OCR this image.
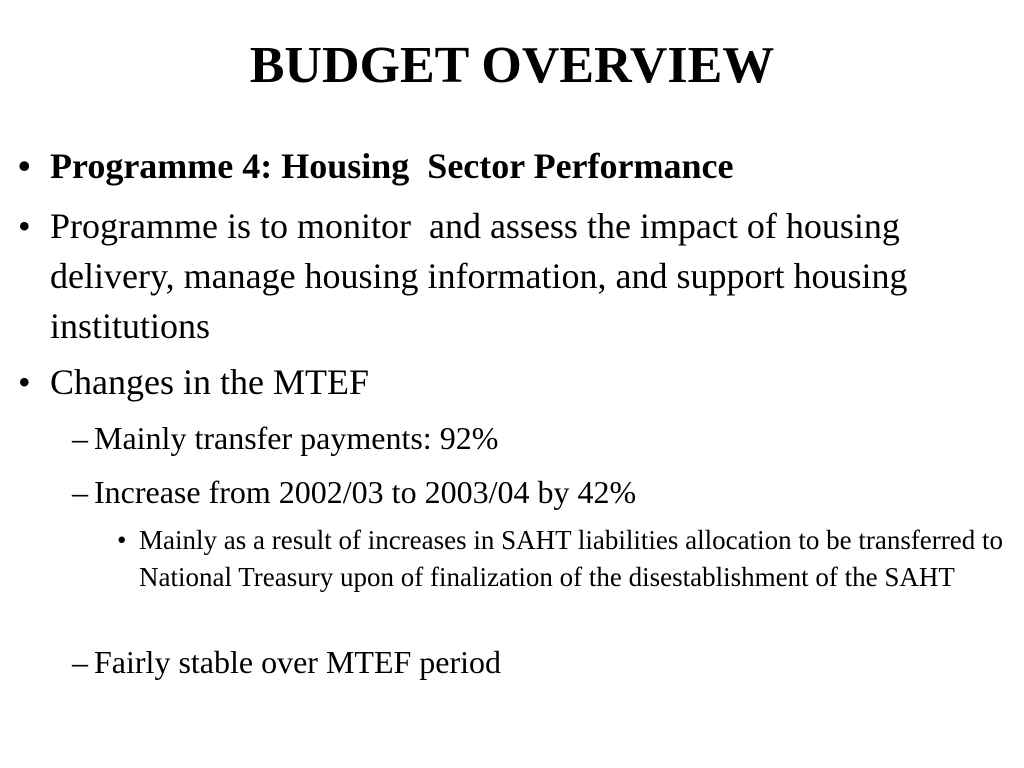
BUDGET OVERVIEW
• Programme 4: Housing  Sector Performance
• Programme is to monitor  and assess the impact of housing delivery, manage housing information, and support housing institutions
• Changes in the MTEF
– Mainly transfer payments: 92%
– Increase from 2002/03 to 2003/04 by 42%
• Mainly as a result of increases in SAHT liabilities allocation to be transferred to National Treasury upon of finalization of the disestablishment of the SAHT
– Fairly stable over MTEF period
